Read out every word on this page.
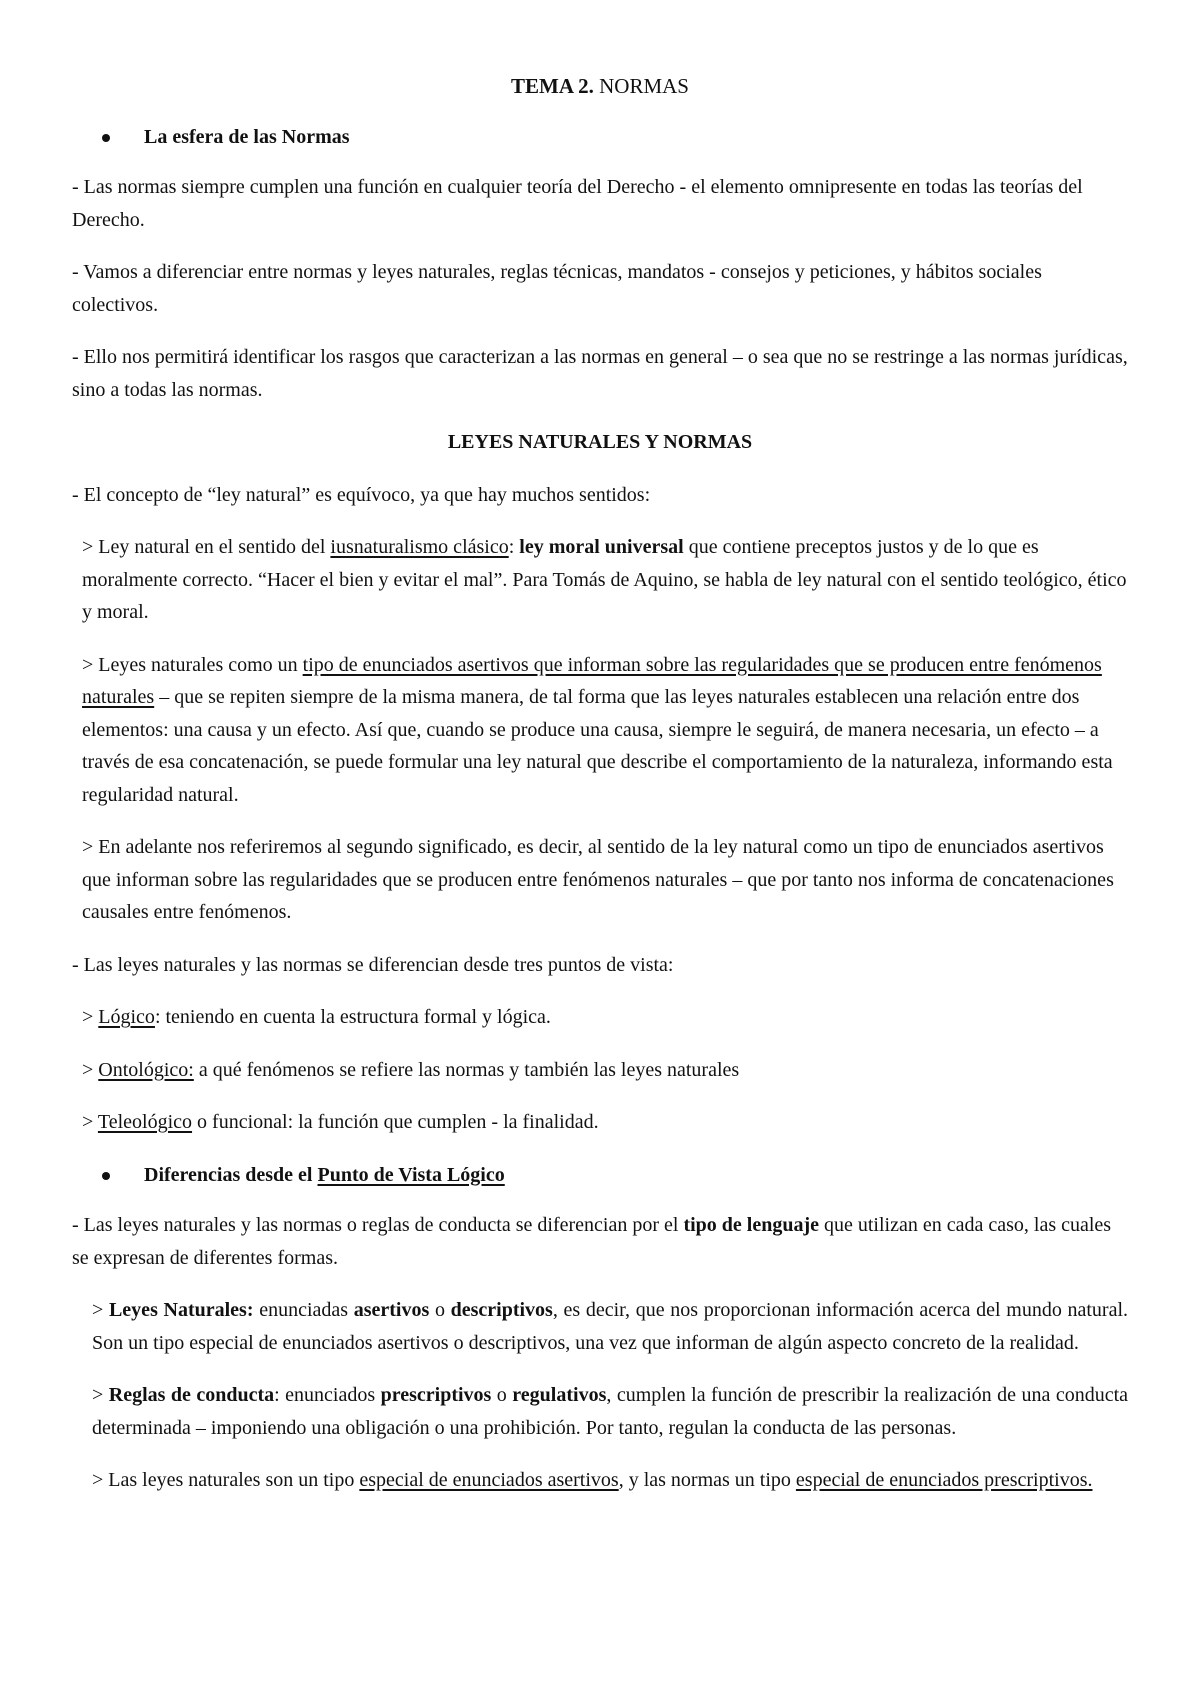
TEMA 2. NORMAS

La esfera de las Normas

- Las normas siempre cumplen una función en cualquier teoría del Derecho - el elemento omnipresente en todas las teorías del Derecho.

- Vamos a diferenciar entre normas y leyes naturales, reglas técnicas, mandatos - consejos y peticiones, y hábitos sociales colectivos.

- Ello nos permitirá identificar los rasgos que caracterizan a las normas en general – o sea que no se restringe a las normas jurídicas, sino a todas las normas.

LEYES NATURALES Y NORMAS

- El concepto de “ley natural” es equívoco, ya que hay muchos sentidos:

> Ley natural en el sentido del iusnaturalismo clásico: ley moral universal que contiene preceptos justos y de lo que es moralmente correcto. “Hacer el bien y evitar el mal”. Para Tomás de Aquino, se habla de ley natural con el sentido teológico, ético y moral.

> Leyes naturales como un tipo de enunciados asertivos que informan sobre las regularidades que se producen entre fenómenos naturales – que se repiten siempre de la misma manera, de tal forma que las leyes naturales establecen una relación entre dos elementos: una causa y un efecto. Así que, cuando se produce una causa, siempre le seguirá, de manera necesaria, un efecto – a través de esa concatenación, se puede formular una ley natural que describe el comportamiento de la naturaleza, informando esta regularidad natural.

> En adelante nos referiremos al segundo significado, es decir, al sentido de la ley natural como un tipo de enunciados asertivos que informan sobre las regularidades que se producen entre fenómenos naturales – que por tanto nos informa de concatenaciones causales entre fenómenos.

- Las leyes naturales y las normas se diferencian desde tres puntos de vista:

> Lógico: teniendo en cuenta la estructura formal y lógica.

> Ontológico: a qué fenómenos se refiere las normas y también las leyes naturales

> Teleológico o funcional: la función que cumplen - la finalidad.

Diferencias desde el Punto de Vista Lógico

- Las leyes naturales y las normas o reglas de conducta se diferencian por el tipo de lenguaje que utilizan en cada caso, las cuales se expresan de diferentes formas.

> Leyes Naturales: enunciadas asertivos o descriptivos, es decir, que nos proporcionan información acerca del mundo natural. Son un tipo especial de enunciados asertivos o descriptivos, una vez que informan de algún aspecto concreto de la realidad.

> Reglas de conducta: enunciados prescriptivos o regulativos, cumplen la función de prescribir la realización de una conducta determinada – imponiendo una obligación o una prohibición. Por tanto, regulan la conducta de las personas.

> Las leyes naturales son un tipo especial de enunciados asertivos, y las normas un tipo especial de enunciados prescriptivos.
